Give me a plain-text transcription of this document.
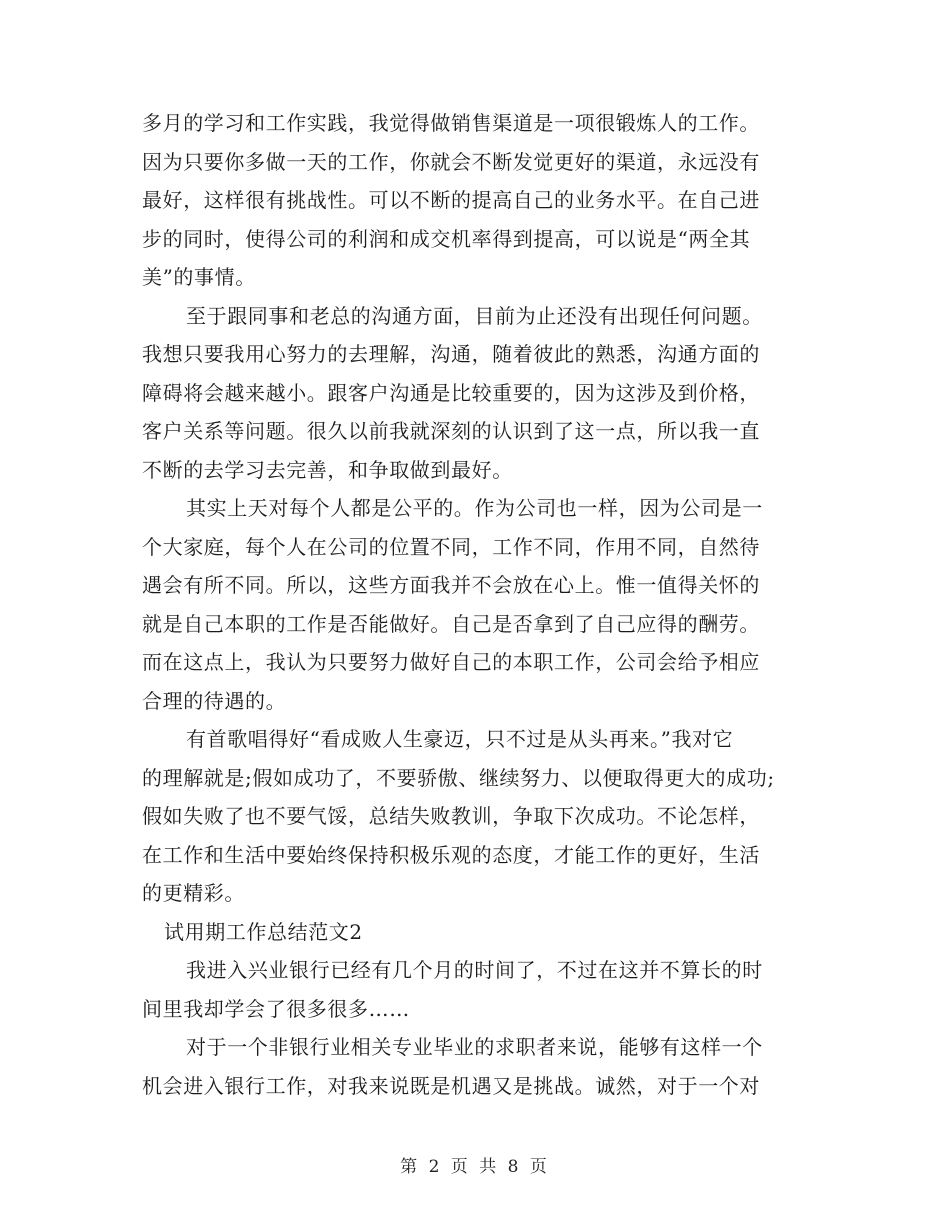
多月的学习和工作实践，我觉得做销售渠道是一项很锻炼人的工作。
因为只要你多做一天的工作，你就会不断发觉更好的渠道，永远没有
最好，这样很有挑战性。可以不断的提高自己的业务水平。在自己进
步的同时，使得公司的利润和成交机率得到提高，可以说是“两全其
美”的事情。
至于跟同事和老总的沟通方面，目前为止还没有出现任何问题。
我想只要我用心努力的去理解，沟通，随着彼此的熟悉，沟通方面的
障碍将会越来越小。跟客户沟通是比较重要的，因为这涉及到价格，
客户关系等问题。很久以前我就深刻的认识到了这一点，所以我一直
不断的去学习去完善，和争取做到最好。
其实上天对每个人都是公平的。作为公司也一样，因为公司是一
个大家庭，每个人在公司的位置不同，工作不同，作用不同，自然待
遇会有所不同。所以，这些方面我并不会放在心上。惟一值得关怀的
就是自己本职的工作是否能做好。自己是否拿到了自己应得的酬劳。
而在这点上，我认为只要努力做好自己的本职工作，公司会给予相应
合理的待遇的。
有首歌唱得好“看成败人生豪迈，只不过是从头再来。”我对它
的理解就是;假如成功了，不要骄傲、继续努力、以便取得更大的成功;
假如失败了也不要气馁，总结失败教训，争取下次成功。不论怎样，
在工作和生活中要始终保持积极乐观的态度，才能工作的更好，生活
的更精彩。
试用期工作总结范文2
我进入兴业银行已经有几个月的时间了，不过在这并不算长的时
间里我却学会了很多很多……
对于一个非银行业相关专业毕业的求职者来说，能够有这样一个
机会进入银行工作，对我来说既是机遇又是挑战。诚然，对于一个对
第 2 页 共 8 页
